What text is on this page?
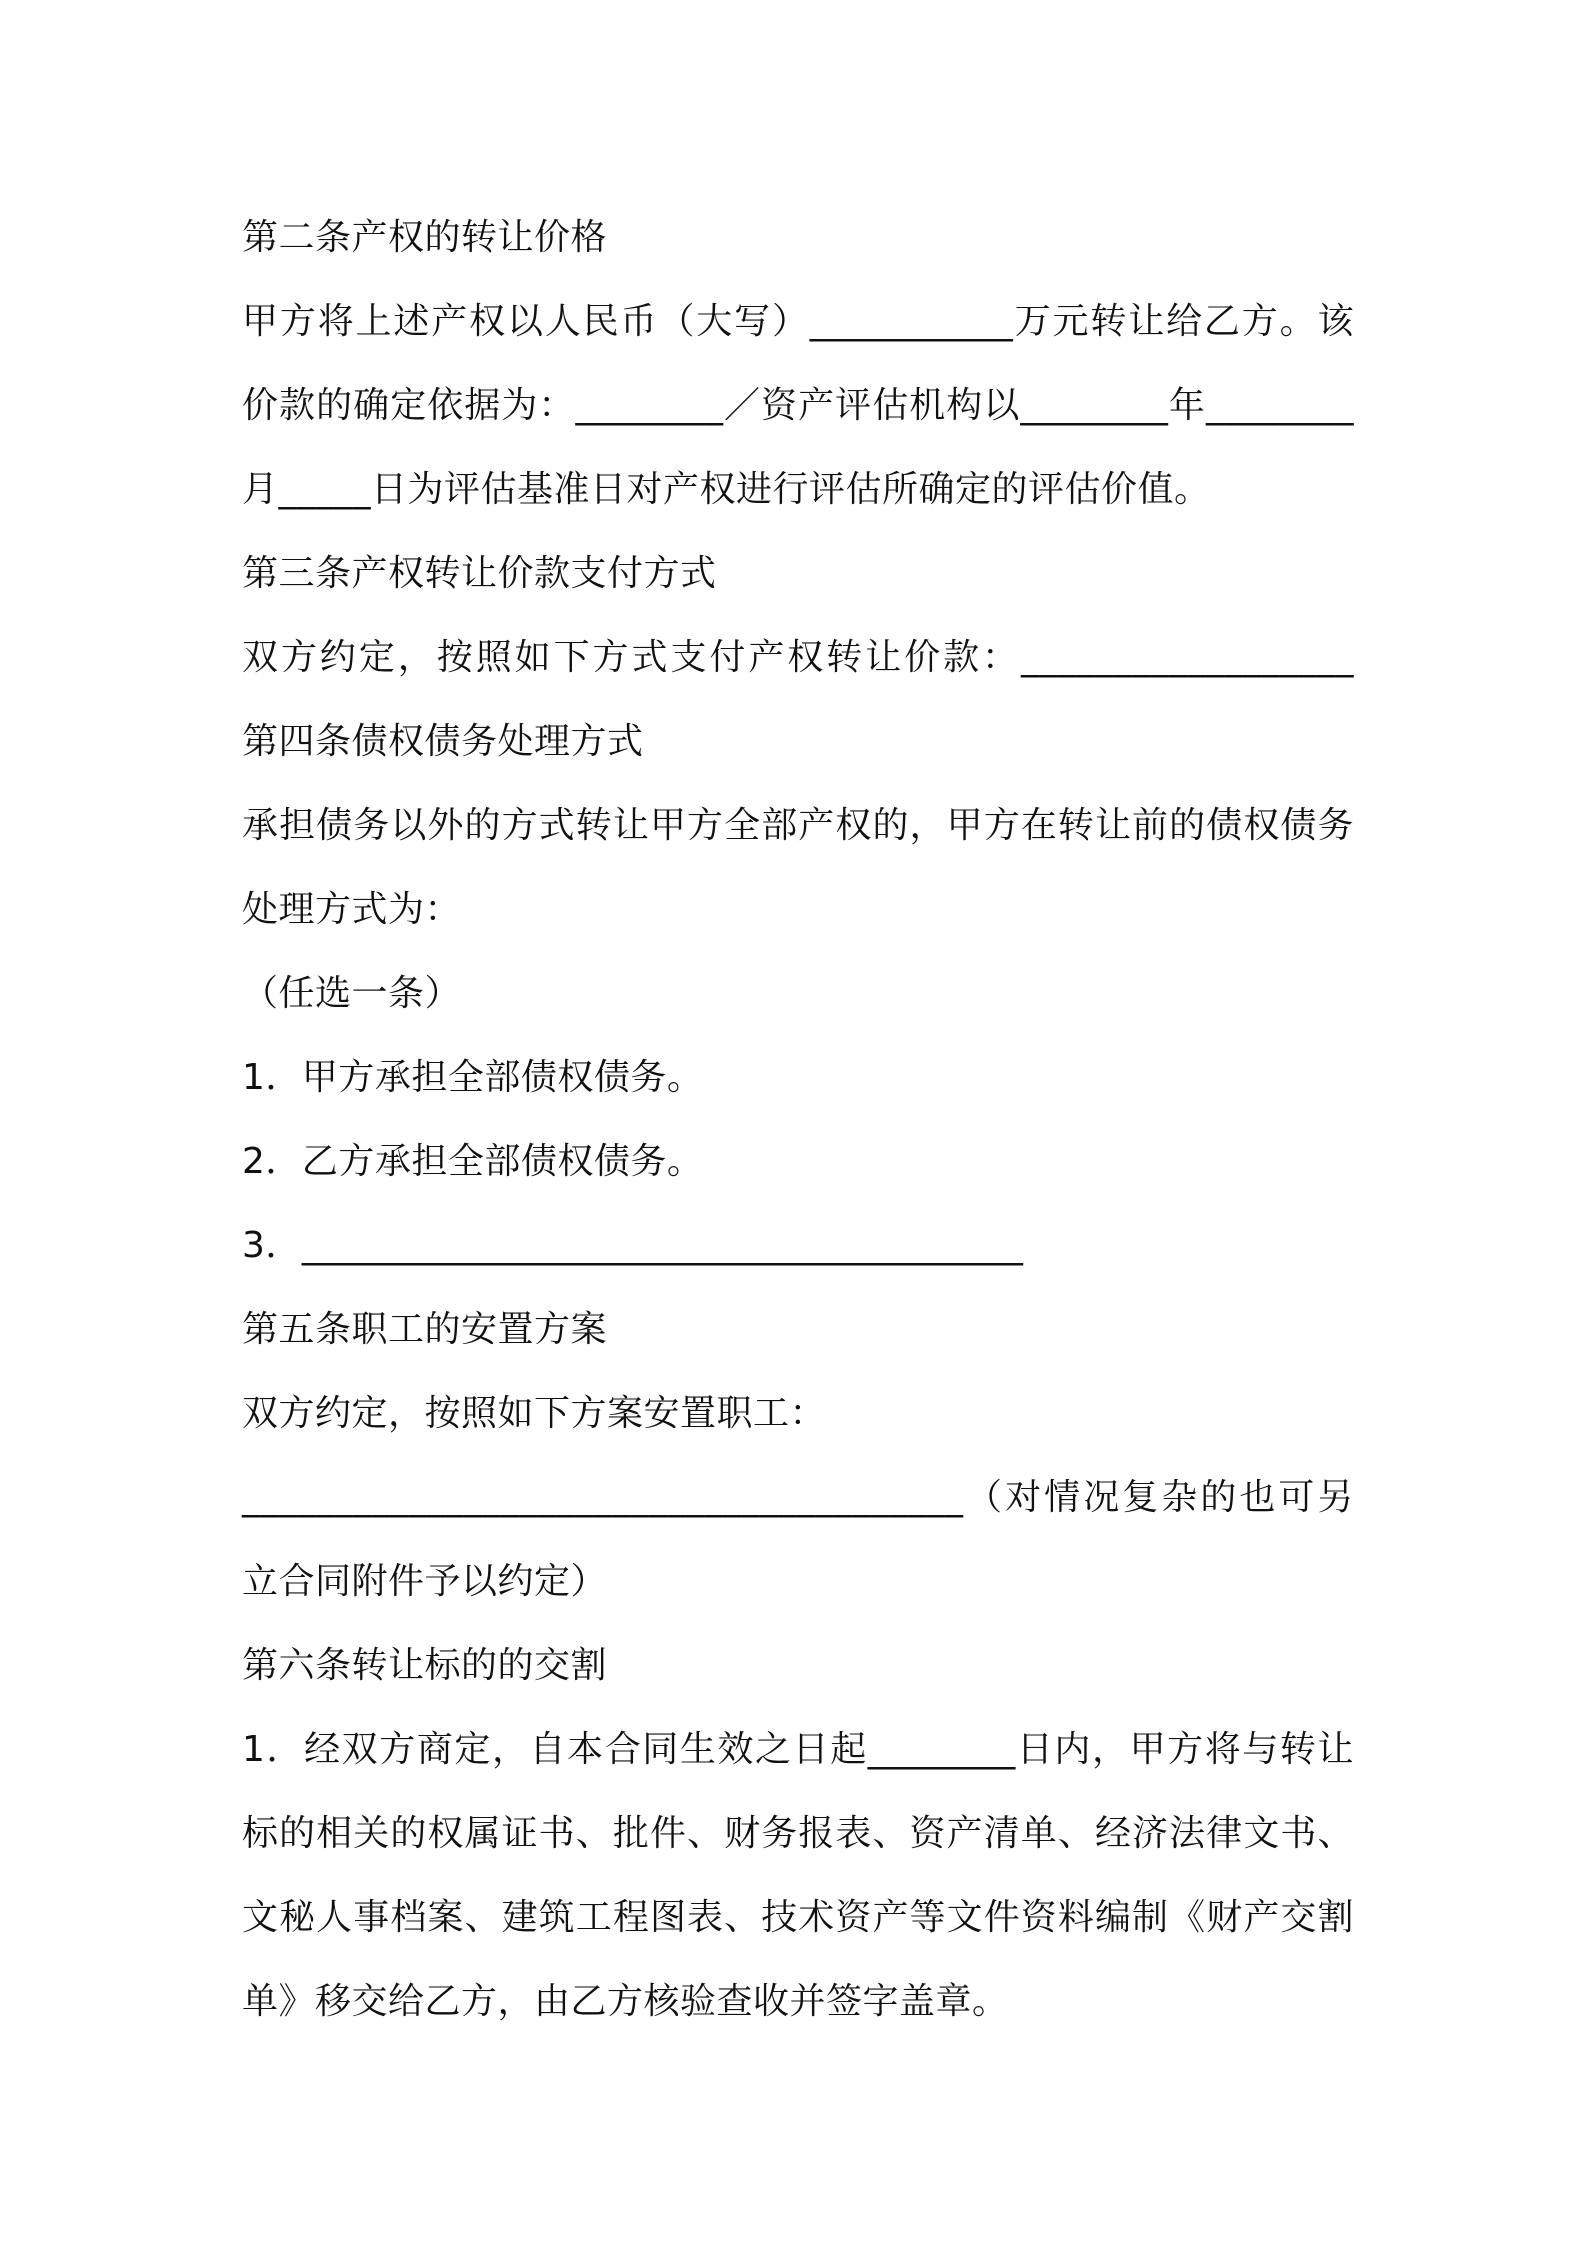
第二条产权的转让价格
甲方将上述产权以人民币（大写）___________万元转让给乙方。该
价款的确定依据为：________／资产评估机构以________年________
月_____日为评估基准日对产权进行评估所确定的评估价值。
第三条产权转让价款支付方式
双方约定，按照如下方式支付产权转让价款：__________________
第四条债权债务处理方式
承担债务以外的方式转让甲方全部产权的，甲方在转让前的债权债务
处理方式为：
（任选一条）
1．甲方承担全部债权债务。
2．乙方承担全部债权债务。
3．_______________________________________
第五条职工的安置方案
双方约定，按照如下方案安置职工：
_______________________________________（对情况复杂的也可另
立合同附件予以约定）
第六条转让标的的交割
1．经双方商定，自本合同生效之日起________日内，甲方将与转让
标的相关的权属证书、批件、财务报表、资产清单、经济法律文书、
文秘人事档案、建筑工程图表、技术资产等文件资料编制《财产交割
单》移交给乙方，由乙方核验查收并签字盖章。
